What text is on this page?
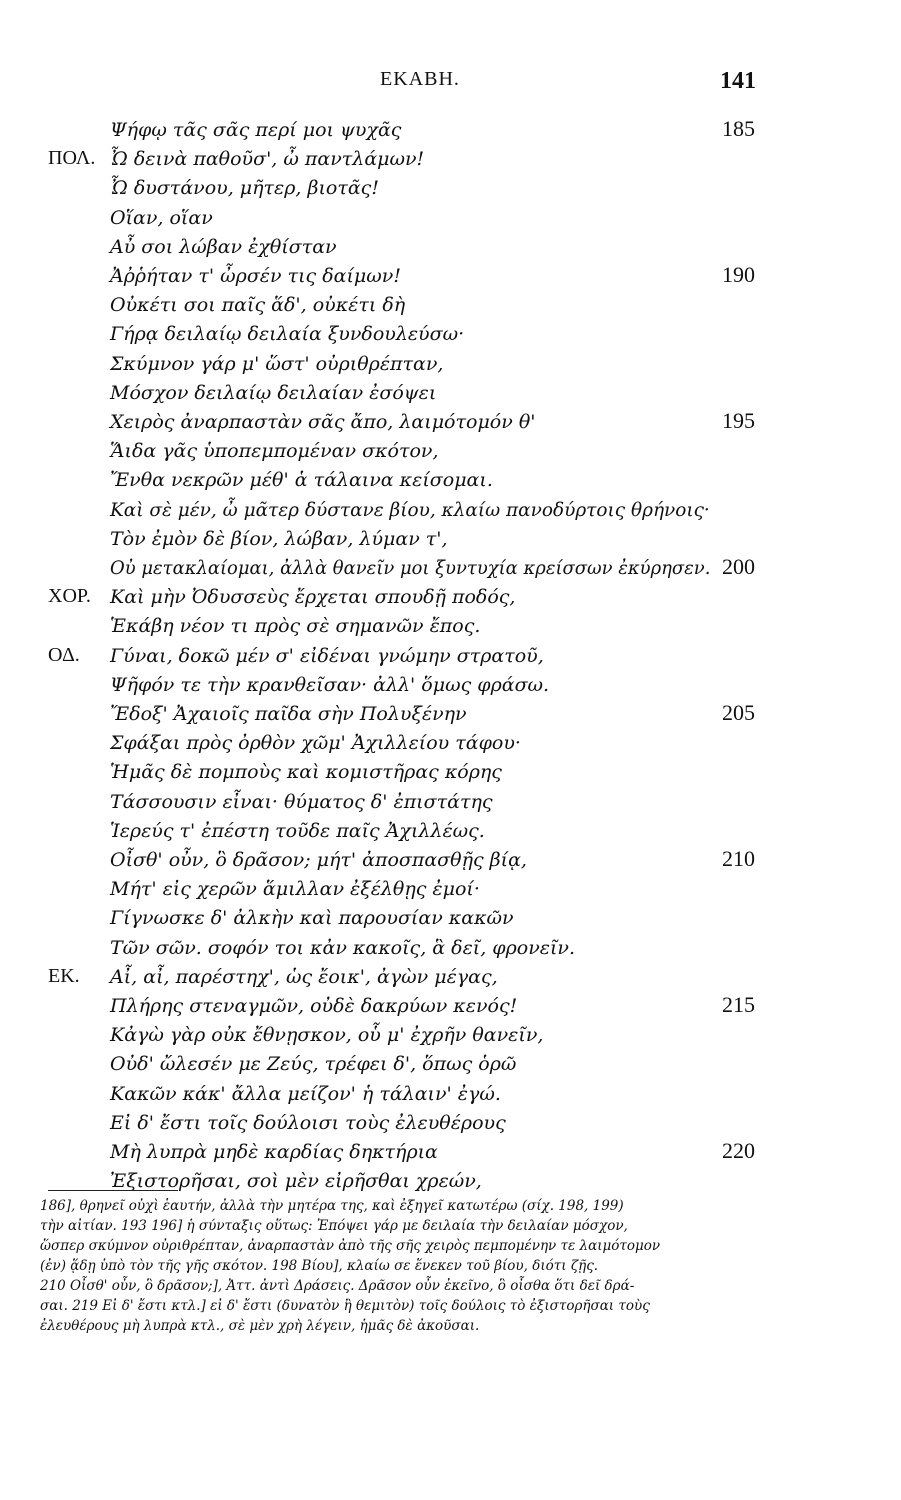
ΕΚΑΒΗ.	141
Ψήφῳ τᾶς σᾶς περί μοι ψυχᾶς	185
ΠΟΛ. Ὦ δεινὰ παθοῦσ', ὦ παντλάμων!
Ὦ δυστάνου, μῆτερ, βιοτᾶς!
Οἵαν, οἵαν
Αὖ σοι λώβαν ἐχθίσταν
Ἀῤῥήταν τ' ὦρσέν τις δαίμων!	190
Οὐκέτι σοι παῖς ἅδ', οὐκέτι δὴ
Γήρᾳ δειλαίῳ δειλαία ξυνδουλεύσω·
Σκύμνον γάρ μ' ὥστ' οὐριθρέπταν,
Μόσχον δειλαίῳ δειλαίαν ἐσόψει
Χειρὸς ἀναρπαστὰν σᾶς ἄπο, λαιμότομόν θ'	195
Ἅιδα γᾶς ὑποπεμπομέναν σκότον,
Ἔνθα νεκρῶν μέθ' ἁ τάλαινα κείσομαι.
Καὶ σὲ μέν, ὦ μᾶτερ δύστανε βίου, κλαίω πανοδύρτοις θρήνοις·
Τὸν ἐμὸν δὲ βίον, λώβαν, λύμαν τ',
Οὐ μετακλαίομαι, ἀλλὰ θανεῖν μοι ξυντυχία κρείσσων ἐκύρησεν. 200
ΧΟΡ. Καὶ μὴν Ὀδυσσεὺς ἔρχεται σπουδῇ ποδός,
Ἑκάβη νέον τι πρὸς σὲ σημανῶν ἔπος.
ΟΔ. Γύναι, δοκῶ μέν σ' εἰδέναι γνώμην στρατοῦ,
Ψῆφόν τε τὴν κρανθεῖσαν· ἀλλ' ὅμως φράσω.
Ἔδοξ' Ἀχαιοῖς παῖδα σὴν Πολυξένην	205
Σφάξαι πρὸς ὀρθὸν χῶμ' Ἀχιλλείου τάφου·
Ἡμᾶς δὲ πομποὺς καὶ κομιστῆρας κόρης
Τάσσουσιν εἶναι· θύματος δ' ἐπιστάτης
Ἱερεύς τ' ἐπέστη τοῦδε παῖς Ἀχιλλέως.
Οἶσθ' οὖν, ὃ δρᾶσον; μήτ' ἀποσπασθῇς βίᾳ,	210
Μήτ' εἰς χερῶν ἅμιλλαν ἐξέλθῃς ἐμοί·
Γίγνωσκε δ' ἀλκὴν καὶ παρουσίαν κακῶν
Τῶν σῶν. σοφόν τοι κἀν κακοῖς, ἃ δεῖ, φρονεῖν.
ΕΚ. Αἶ, αἶ, παρέστηχ', ὡς ἔοικ', ἀγὼν μέγας,
Πλήρης στεναγμῶν, οὐδὲ δακρύων κενός!	215
Κἀγὼ γὰρ οὐκ ἔθνῃσκον, οὗ μ' ἐχρῆν θανεῖν,
Οὐδ' ὤλεσέν με Ζεύς, τρέφει δ', ὅπως ὁρῶ
Κακῶν κάκ' ἄλλα μείζον' ἡ τάλαιν' ἐγώ.
Εἰ δ' ἔστι τοῖς δούλοισι τοὺς ἐλευθέρους
Μὴ λυπρὰ μηδὲ καρδίας δηκτήρια	220
Ἐξιστορῆσαι, σοὶ μὲν εἰρῆσθαι χρεών,
186], θρηνεῖ οὐχὶ ἑαυτήν, ἀλλὰ τὴν μητέρα της, καὶ ἐξηγεῖ κατωτέρω (σίχ. 198, 199)
τὴν αἰτίαν. 193 196] ἡ σύνταξις οὕτως: Ἐπόψει γάρ με δειλαία τὴν δειλαίαν μόσχον,
ὥσπερ σκύμνον οὐριθρέπταν, ἀναρπαστὰν ἀπὸ τῆς σῆς χειρὸς πεμπομένην τε λαιμότομον
(ἐν) ᾅδῃ ὑπὸ τὸν τῆς γῆς σκότον. 198 Βίου], κλαίω σε ἕνεκεν τοῦ βίου, διότι ζῇς.
210 Οἶσθ' οὖν, ὃ δρᾶσον;], Ἀττ. ἀντὶ Δράσεις. Δρᾶσον οὖν ἐκεῖνο, ὃ οἶσθα ὅτι δεῖ δρά-
σαι. 219 Εἰ δ' ἔστι κτλ.] εἰ δ' ἔστι (δυνατὸν ἢ θεμιτὸν) τοῖς δούλοις τὸ ἐξιστορῆσαι τοὺς
ἐλευθέρους μὴ λυπρὰ κτλ., σὲ μὲν χρὴ λέγειν, ἡμᾶς δὲ ἀκοῦσαι.
